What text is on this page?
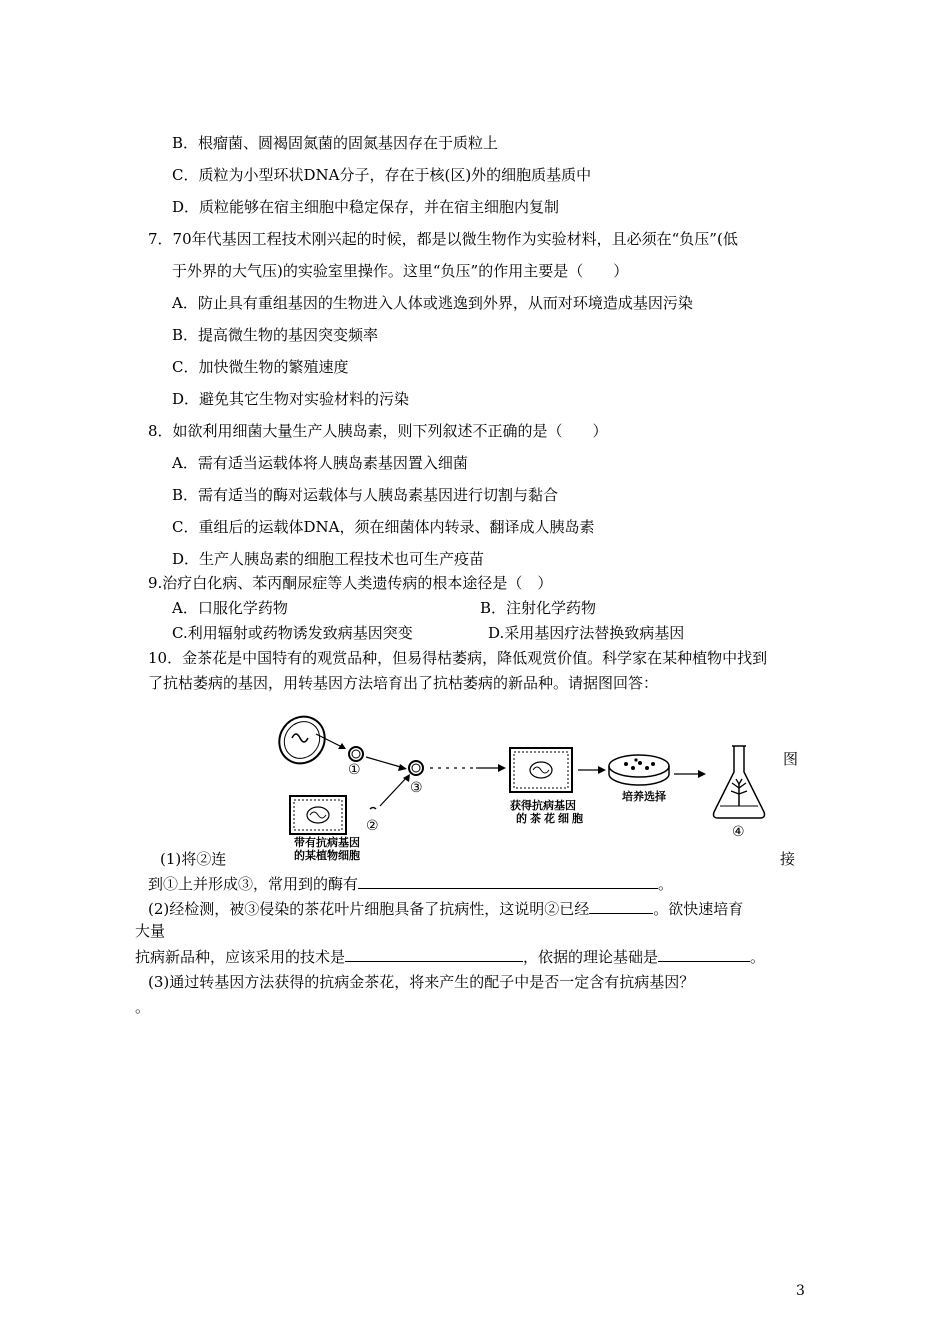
B．根瘤菌、圆褐固氮菌的固氮基因存在于质粒上
C．质粒为小型环状DNA分子，存在于核(区)外的细胞质基质中
D．质粒能够在宿主细胞中稳定保存，并在宿主细胞内复制
7．70年代基因工程技术刚兴起的时候，都是以微生物作为实验材料，且必须在“负压”(低
于外界的大气压)的实验室里操作。这里“负压”的作用主要是（　　）
A．防止具有重组基因的生物进入人体或逃逸到外界，从而对环境造成基因污染
B．提高微生物的基因突变频率
C．加快微生物的繁殖速度
D．避免其它生物对实验材料的污染
8．如欲利用细菌大量生产人胰岛素，则下列叙述不正确的是（　　）
A．需有适当运载体将人胰岛素基因置入细菌
B．需有适当的酶对运载体与人胰岛素基因进行切割与黏合
C．重组后的运载体DNA，须在细菌体内转录、翻译成人胰岛素
D．生产人胰岛素的细胞工程技术也可生产疫苗
9.治疗白化病、苯丙酮尿症等人类遗传病的根本途径是（　）
A．口服化学药物	B．注射化学药物
C.利用辐射或药物诱发致病基因突变	D.采用基因疗法替换致病基因
10．金茶花是中国特有的观赏品种，但易得枯萎病，降低观赏价值。科学家在某种植物中找到
了抗枯萎病的基因，用转基因方法培育出了抗枯萎病的新品种。请据图回答：
图
①
③
带有抗病基因
的某植物细胞
②
获得抗病基因
的茶花细胞
培养选择
④
(1)将②连	接
到①上并形成③，常用到的酶有	。
(2)经检测，被③侵染的茶花叶片细胞具备了抗病性，这说明②已经	。欲快速培育
大量
抗病新品种，应该采用的技术是	，依据的理论基础是	。
(3)通过转基因方法获得的抗病金茶花，将来产生的配子中是否一定含有抗病基因？
。
3
